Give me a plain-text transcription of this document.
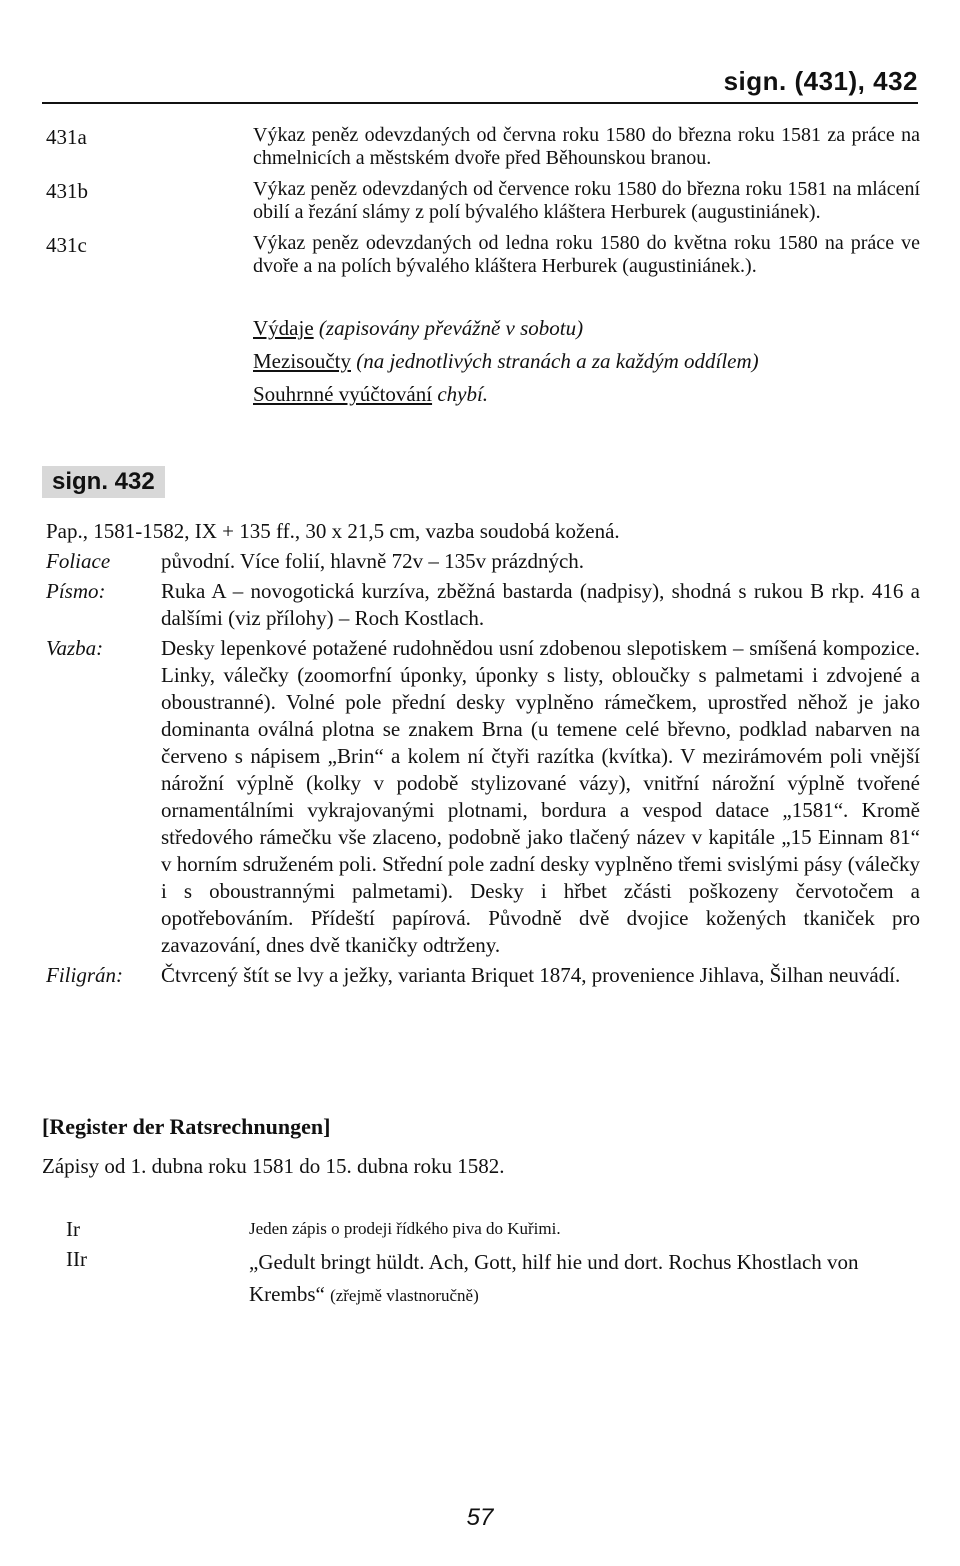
sign. (431), 432
431a	Výkaz peněz odevzdaných od června roku 1580 do března roku 1581 za práce na chmelnicích a městském dvoře před Běhounskou branou.
431b	Výkaz peněz odevzdaných od července roku 1580 do března roku 1581 na mlácení obilí a řezání slámy z polí bývalého kláštera Herburek (augustiniánek).
431c	Výkaz peněz odevzdaných od ledna roku 1580 do května roku 1580 na práce ve dvoře a na polích bývalého kláštera Herburek (augustiniánek.).
Výdaje (zapisovány převážně v sobotu)
Mezisoučty (na jednotlivých stranách a za každým oddílem)
Souhrnné vyúčtování chybí.
sign. 432
Pap., 1581-1582, IX + 135 ff., 30 x 21,5 cm, vazba soudobá kožená.
Foliace	původní. Více folií, hlavně 72v – 135v prázdných.
Písmo:	Ruka A – novogotická kurzíva, zběžná bastarda (nadpisy), shodná s rukou B rkp. 416 a dalšími (viz přílohy) – Roch Kostlach.
Vazba:	Desky lepenkové potažené rudohnědou usní zdobenou slepotiskem – smíšená kompozice. Linky, válečky (zoomorfní úponky, úponky s listy, obloučky s palmetami i zdvojené a oboustranné). Volné pole přední desky vyplněno rámečkem, uprostřed něhož je jako dominanta oválná plotna se znakem Brna (u temene celé břevno, podklad nabarven na červeno s nápisem „Brin“ a kolem ní čtyři razítka (kvítka). V mezirámovém poli vnější nárožní výplně (kolky v podobě stylizované vázy), vnitřní nárožní výplně tvořené ornamentálními vykrajovanými plotnami, bordura a vespod datace „1581“. Kromě středového rámečku vše zlaceno, podobně jako tlačený název v kapitále „15 Einnam 81“ v horním sdruženém poli. Střední pole zadní desky vyplněno třemi svislými pásy (válečky i s oboustrannými palmetami). Desky i hřbet zčásti poškozeny červotočem a opotřebováním. Přídeští papírová. Původně dvě dvojice kožených tkaniček pro zavazování, dnes dvě tkaničky odtrženy.
Filigrán:	Čtvrcený štít se lvy a ježky, varianta Briquet 1874, provenience Jihlava, Šilhan neuvádí.
[Register der Ratsrechnungen]
Zápisy od 1. dubna roku 1581 do 15. dubna roku 1582.
Ir	Jeden zápis o prodeji řídkého piva do Kuřimi.
IIr	„Gedult bringt hüldt. Ach, Gott, hilf hie und dort. Rochus Khostlach von Krembs“ (zřejmě vlastnoručně)
57
